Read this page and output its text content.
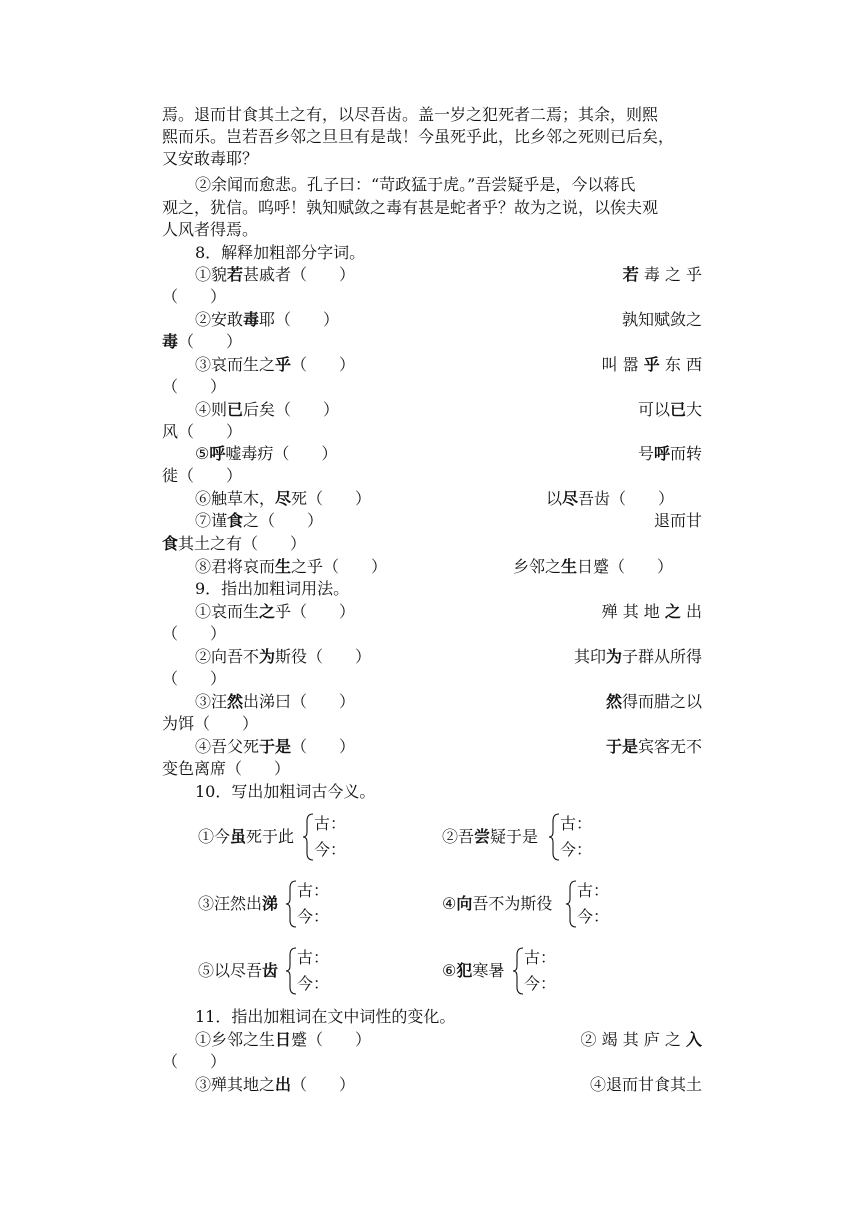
焉。退而甘食其土之有，以尽吾齿。盖一岁之犯死者二焉；其余，则熙
熙而乐。岂若吾乡邻之旦旦有是哉！今虽死乎此，比乡邻之死则已后矣，
又安敢毒耶？
②余闻而愈悲。孔子曰：“苛政猛于虎。”吾尝疑乎是，今以蒋氏
观之，犹信。呜呼！孰知赋敛之毒有甚是蛇者乎？故为之说，以俟夫观
人风者得焉。
8．解释加粗部分字词。
①貌若甚戚者（　　）	若 毒 之 乎
（　　）
②安敢毒耶（　　）	孰知赋敛之
毒（　　）
③哀而生之乎（　　）	叫 嚣 乎 东 西
（　　）
④则已后矣（　　）	可以已大
风（　　）
⑤呼嘘毒疠（　　）	号呼而转
徙（　　）
⑥触草木，尽死（　　）	以尽吾齿（　　）
⑦谨食之（　　）	退而甘
食其土之有（　　）
⑧君将哀而生之乎（　　）	乡邻之生日蹙（　　）
9．指出加粗词用法。
①哀而生之乎（　　）	殚 其 地 之 出
（　　）
②向吾不为斯役（　　）	其印为子群从所得
（　　）
③汪然出涕曰（　　）	然得而腊之以
为饵（　　）
④吾父死于是（　　）	于是宾客无不
变色离席（　　）
10．写出加粗词古今义。
①今虽死于此
古：
今：
②吾尝疑于是
古：
今：
③汪然出涕
古：
今：
④向吾不为斯役
古：
今：
⑤以尽吾齿
古：
今：
⑥犯寒暑
古：
今：
11．指出加粗词在文中词性的变化。
①乡邻之生日蹙（　　）	② 竭 其 庐 之 入
（　　）
③殚其地之出（　　）	④退而甘食其土
